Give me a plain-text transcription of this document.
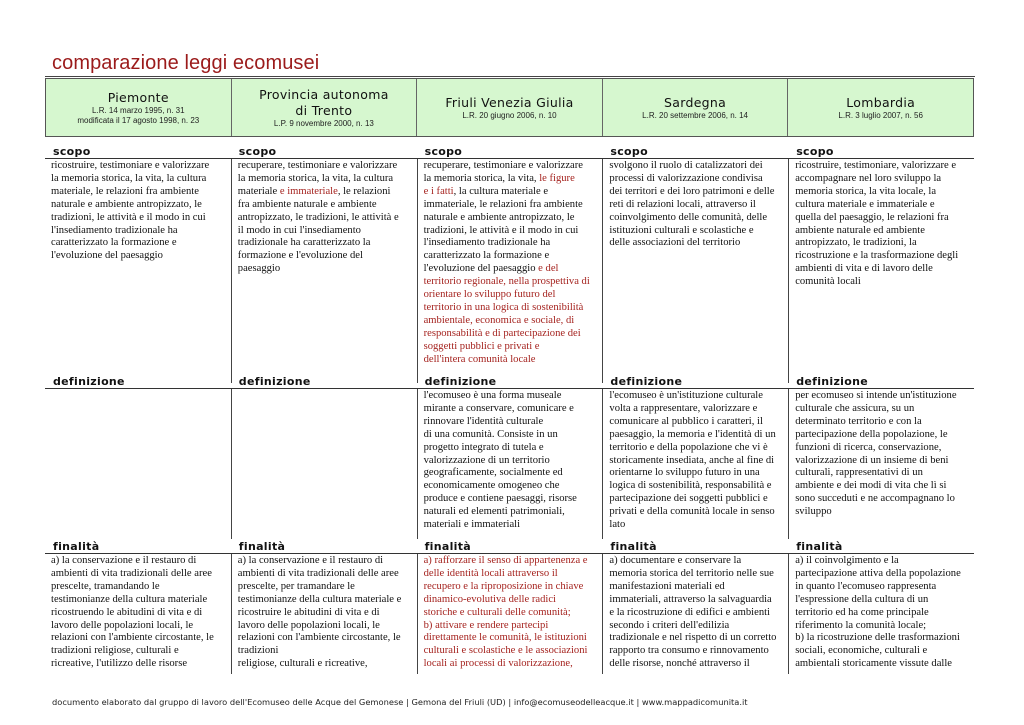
comparazione leggi ecomusei
Piemonte
L.R. 14 marzo 1995, n. 31
modificata il 17 agosto 1998, n. 23
Provincia autonoma
di Trento
L.P. 9 novembre 2000, n. 13
Friuli Venezia Giulia
L.R. 20 giugno 2006, n. 10
Sardegna
L.R. 20 settembre 2006, n. 14
Lombardia
L.R. 3 luglio 2007, n. 56
scopo
ricostruire, testimoniare e valorizzare
la memoria storica, la vita, la cultura
materiale, le relazioni fra ambiente
naturale e ambiente antropizzato, le
tradizioni, le attività e il modo in cui
l'insediamento tradizionale ha
caratterizzato la formazione e
l'evoluzione del paesaggio
scopo
recuperare, testimoniare e valorizzare
la memoria storica, la vita, la cultura
materiale e immateriale, le relazioni
fra ambiente naturale e ambiente
antropizzato, le tradizioni, le attività e
il modo in cui l'insediamento
tradizionale ha caratterizzato la
formazione e l'evoluzione del
paesaggio
scopo
recuperare, testimoniare e valorizzare
la memoria storica, la vita, le figure
e i fatti, la cultura materiale e
immateriale, le relazioni fra ambiente
naturale e ambiente antropizzato, le
tradizioni, le attività e il modo in cui
l'insediamento tradizionale ha
caratterizzato la formazione e
l'evoluzione del paesaggio e del
territorio regionale, nella prospettiva di
orientare lo sviluppo futuro del
territorio in una logica di sostenibilità
ambientale, economica e sociale, di
responsabilità e di partecipazione dei
soggetti pubblici e privati e
dell'intera comunità locale
scopo
svolgono il ruolo di catalizzatori dei
processi di valorizzazione condivisa
dei territori e dei loro patrimoni e delle
reti di relazioni locali, attraverso il
coinvolgimento delle comunità, delle
istituzioni culturali e scolastiche e
delle associazioni del territorio
scopo
ricostruire, testimoniare, valorizzare e
accompagnare nel loro sviluppo la
memoria storica, la vita locale, la
cultura materiale e immateriale e
quella del paesaggio, le relazioni fra
ambiente naturale ed ambiente
antropizzato, le tradizioni, la
ricostruzione e la trasformazione degli
ambienti di vita e di lavoro delle
comunità locali
definizione	definizione	definizione
l'ecomuseo è una forma museale
mirante a conservare, comunicare e
rinnovare l'identità culturale
di una comunità. Consiste in un
progetto integrato di tutela e
valorizzazione di un territorio
geograficamente, socialmente ed
economicamente omogeneo che
produce e contiene paesaggi, risorse
naturali ed elementi patrimoniali,
materiali e immateriali
definizione
l'ecomuseo è un'istituzione culturale
volta a rappresentare, valorizzare e
comunicare al pubblico i caratteri, il
paesaggio, la memoria e l'identità di un
territorio e della popolazione che vi è
storicamente insediata, anche al fine di
orientarne lo sviluppo futuro in una
logica di sostenibilità, responsabilità e
partecipazione dei soggetti pubblici e
privati e della comunità locale in senso
lato
definizione
per ecomuseo si intende un'istituzione
culturale che assicura, su un
determinato territorio e con la
partecipazione della popolazione, le
funzioni di ricerca, conservazione,
valorizzazione di un insieme di beni
culturali, rappresentativi di un
ambiente e dei modi di vita che lì si
sono succeduti e ne accompagnano lo
sviluppo
finalità
a) la conservazione e il restauro di
ambienti di vita tradizionali delle aree
prescelte, tramandando le
testimonianze della cultura materiale
ricostruendo le abitudini di vita e di
lavoro delle popolazioni locali, le
relazioni con l'ambiente circostante, le
tradizioni religiose, culturali e
ricreative, l'utilizzo delle risorse
finalità
a) la conservazione e il restauro di
ambienti di vita tradizionali delle aree
prescelte, per tramandare le
testimonianze della cultura materiale e
ricostruire le abitudini di vita e di
lavoro delle popolazioni locali, le
relazioni con l'ambiente circostante, le
tradizioni
religiose, culturali e ricreative,
finalità
a) rafforzare il senso di appartenenza e
delle identità locali attraverso il
recupero e la riproposizione in chiave
dinamico-evolutiva delle radici
storiche e culturali delle comunità;
b) attivare e rendere partecipi
direttamente le comunità, le istituzioni
culturali e scolastiche e le associazioni
locali ai processi di valorizzazione,
finalità
a) documentare e conservare la
memoria storica del territorio nelle sue
manifestazioni materiali ed
immateriali, attraverso la salvaguardia
e la ricostruzione di edifici e ambienti
secondo i criteri dell'edilizia
tradizionale e nel rispetto di un corretto
rapporto tra consumo e rinnovamento
delle risorse, nonché attraverso il
finalità
a) il coinvolgimento e la
partecipazione attiva della popolazione
in quanto l'ecomuseo rappresenta
l'espressione della cultura di un
territorio ed ha come principale
riferimento la comunità locale;
b) la ricostruzione delle trasformazioni
sociali, economiche, culturali e
ambientali storicamente vissute dalle
documento elaborato dal gruppo di lavoro dell'Ecomuseo delle Acque del Gemonese | Gemona del Friuli (UD) | info@ecomuseodelleacque.it | www.mappadicomunita.it
